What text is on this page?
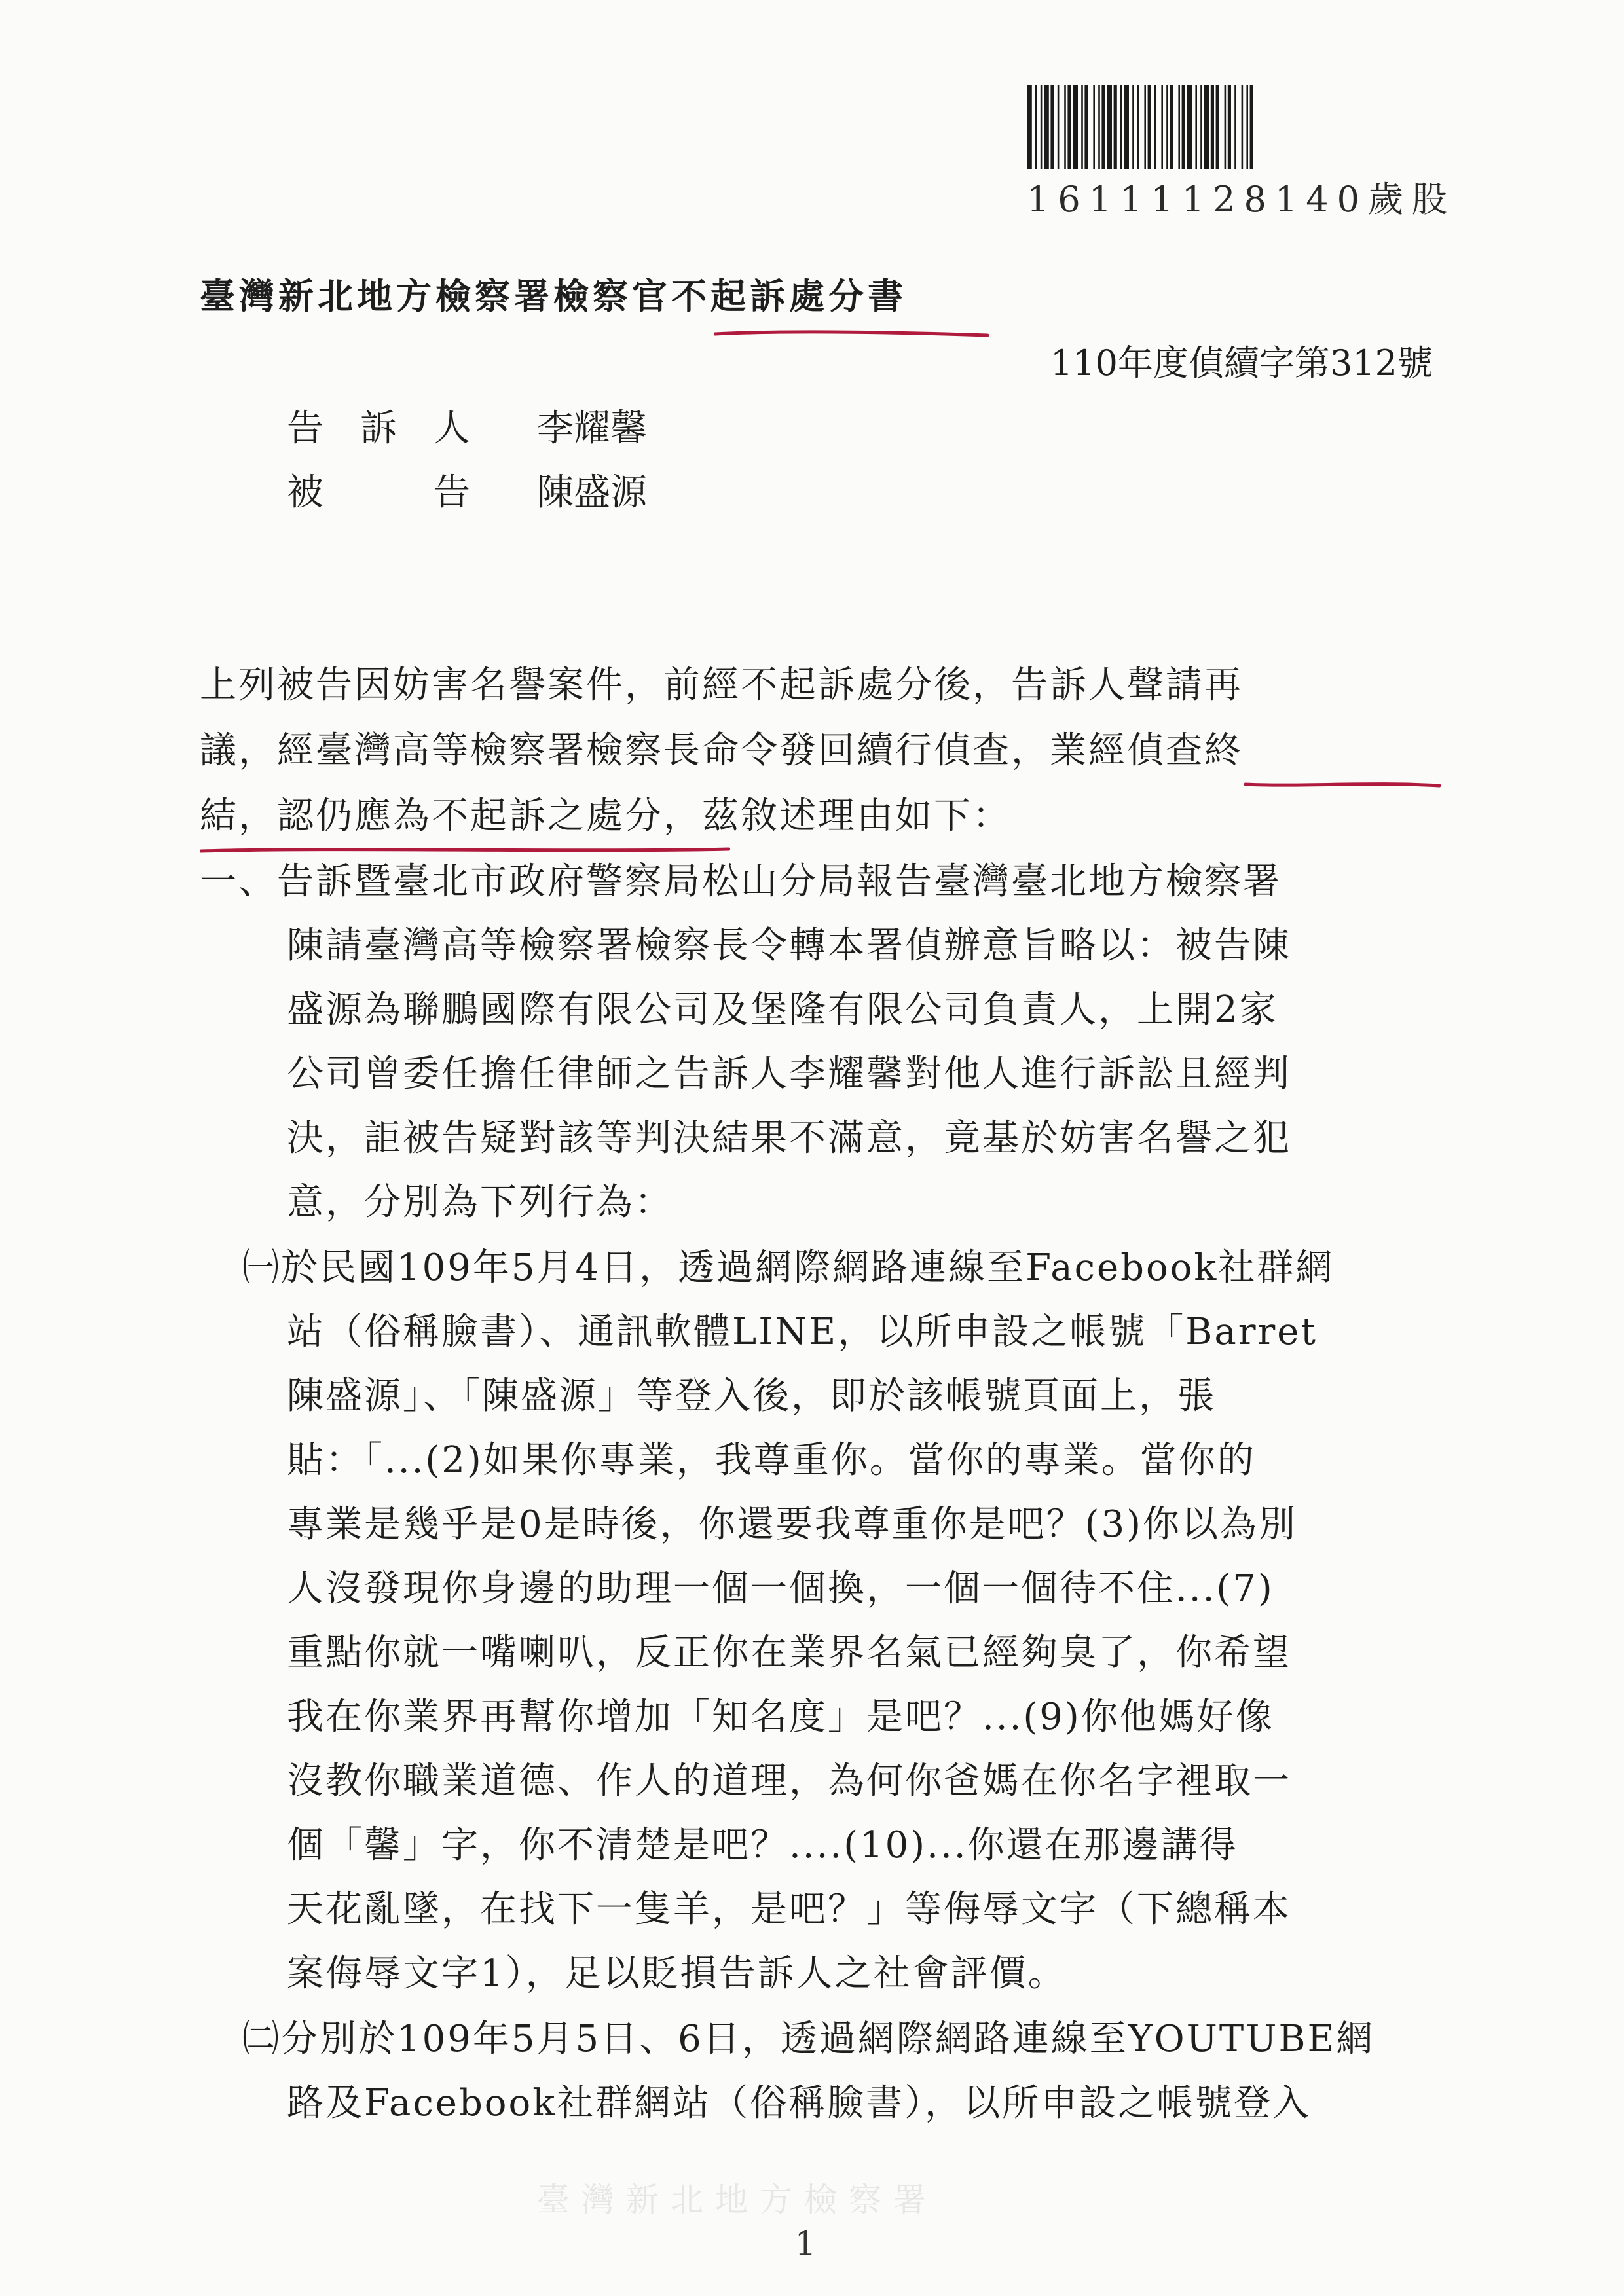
16111128140歲股
臺灣新北地方檢察署檢察官不起訴處分書
110年度偵續字第312號
告　訴　人 李耀馨
被　　　告 陳盛源
上列被告因妨害名譽案件，前經不起訴處分後，告訴人聲請再
議，經臺灣高等檢察署檢察長命令發回續行偵查，業經偵查終
結，認仍應為不起訴之處分，茲敘述理由如下：
一、告訴暨臺北市政府警察局松山分局報告臺灣臺北地方檢察署
陳請臺灣高等檢察署檢察長令轉本署偵辦意旨略以：被告陳
盛源為聯鵬國際有限公司及堡隆有限公司負責人，上開2家
公司曾委任擔任律師之告訴人李耀馨對他人進行訴訟且經判
決，詎被告疑對該等判決結果不滿意，竟基於妨害名譽之犯
意，分別為下列行為：
㈠於民國109年5月4日，透過網際網路連線至Facebook社群網
站（俗稱臉書）、通訊軟體LINE，以所申設之帳號「Barret
陳盛源」、「陳盛源」等登入後，即於該帳號頁面上，張
貼：「...(2)如果你專業，我尊重你。當你的專業。當你的
專業是幾乎是0是時後，你還要我尊重你是吧？(3)你以為別
人沒發現你身邊的助理一個一個換，一個一個待不住...(7)
重點你就一嘴喇叭，反正你在業界名氣已經夠臭了，你希望
我在你業界再幫你增加「知名度」是吧？...(9)你他媽好像
沒教你職業道德、作人的道理，為何你爸媽在你名字裡取一
個「馨」字，你不清楚是吧？....(10)...你還在那邊講得
天花亂墜，在找下一隻羊，是吧？」等侮辱文字（下總稱本
案侮辱文字1），足以貶損告訴人之社會評價。
㈡分別於109年5月5日、6日，透過網際網路連線至YOUTUBE網
路及Facebook社群網站（俗稱臉書），以所申設之帳號登入
臺灣新北地方檢察署
1
